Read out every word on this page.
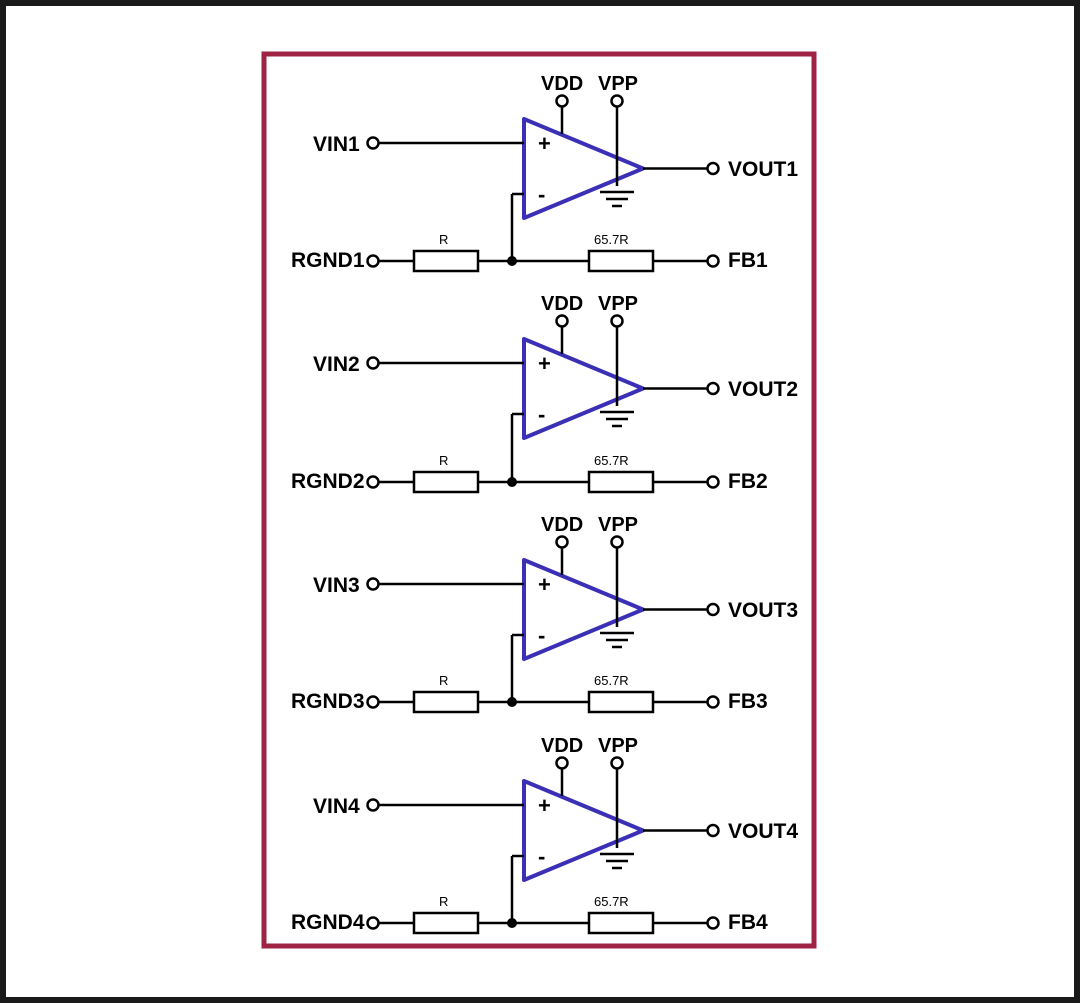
VDD VPP
VIN1	+
-
VOUT1
RGND1
R	65.7R
FB1
VDD VPP
VIN2	+
-
VOUT2
RGND2
R	65.7R
FB2
VDD VPP
VIN3	+
-
VOUT3
RGND3
R	65.7R
FB3
VDD VPP
VIN4	+
-
VOUT4
RGND4
R	65.7R
FB4
